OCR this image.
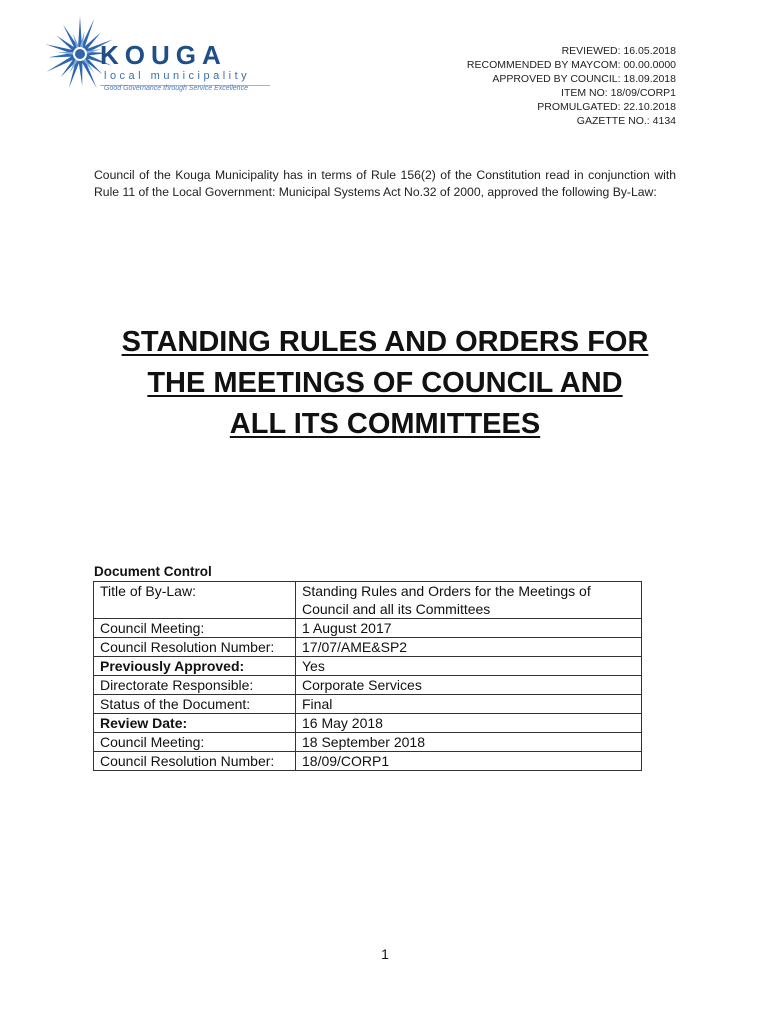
KOUGA
local municipality
Good Governance through Service Excellence
REVIEWED: 16.05.2018
RECOMMENDED BY MAYCOM: 00.00.0000
APPROVED BY COUNCIL: 18.09.2018
ITEM NO: 18/09/CORP1
PROMULGATED: 22.10.2018
GAZETTE NO.: 4134
Council of the Kouga Municipality has in terms of Rule 156(2) of the Constitution read in conjunction with Rule 11 of the Local Government: Municipal Systems Act No.32 of 2000, approved the following By-Law:
STANDING RULES AND ORDERS FOR
THE MEETINGS OF COUNCIL AND
ALL ITS COMMITTEES
Document Control
Title of By-Law:	Standing Rules and Orders for the Meetings of Council and all its Committees
Council Meeting:	1 August 2017
Council Resolution Number:	17/07/AME&SP2
Previously Approved:	Yes
Directorate Responsible:	Corporate Services
Status of the Document:	Final
Review Date:	16 May 2018
Council Meeting:	18 September 2018
Council Resolution Number:	18/09/CORP1
1
